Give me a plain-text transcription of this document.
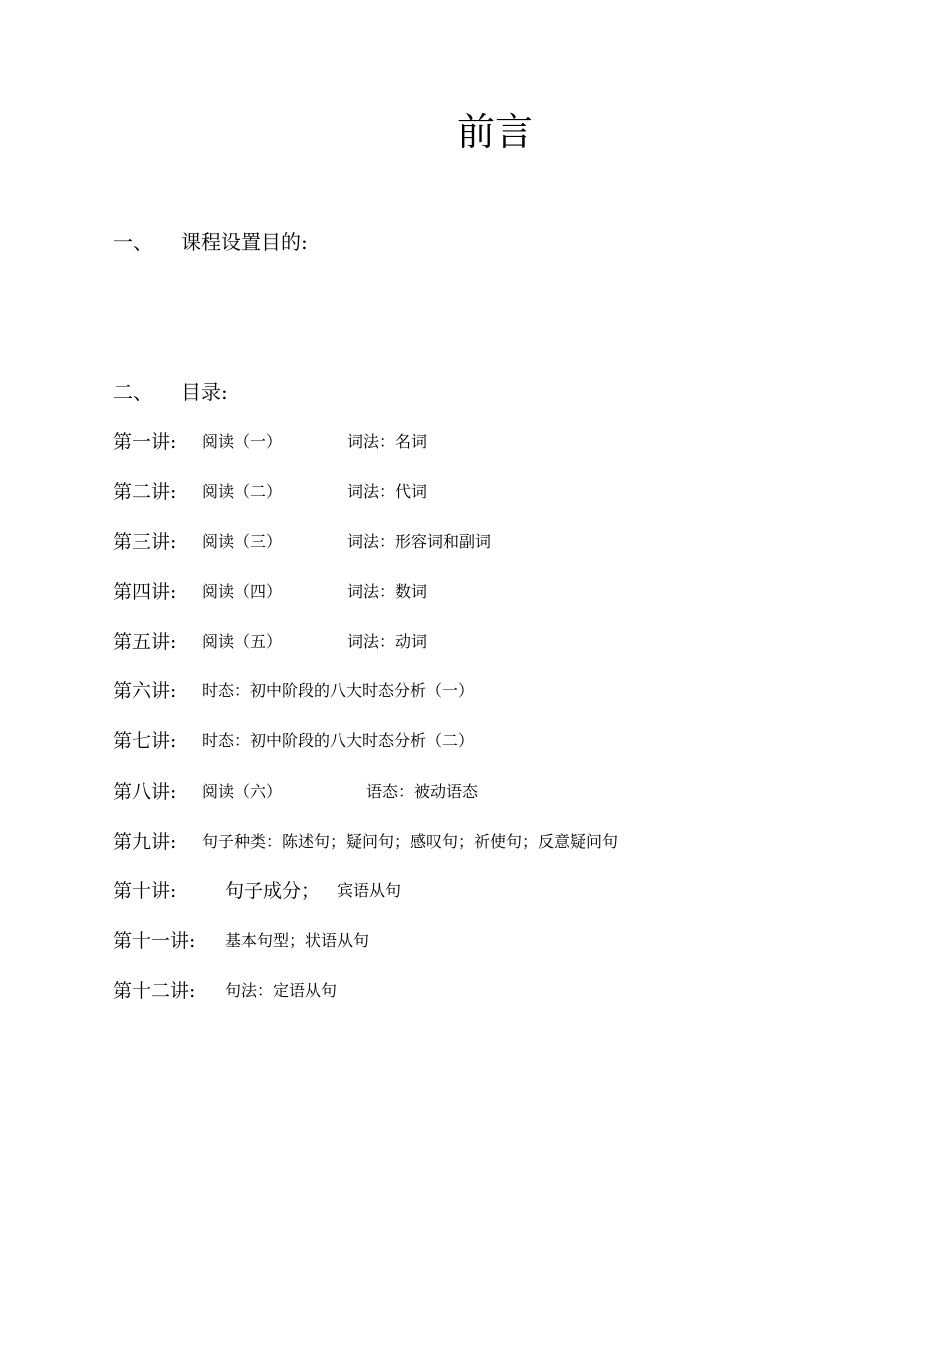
前言
一、 课程设置目的:
二、 目录:
第一讲: 阅读（一）	词法：名词
第二讲: 阅读（二）	词法：代词
第三讲: 阅读（三）	词法：形容词和副词
第四讲: 阅读（四）	词法：数词
第五讲: 阅读（五）	词法：动词
第六讲: 时态：初中阶段的八大时态分析（一）
第七讲: 时态：初中阶段的八大时态分析（二）
第八讲: 阅读（六）	语态：被动语态
第九讲: 句子种类：陈述句；疑问句；感叹句；祈使句；反意疑问句
第十讲:	句子成分； 宾语从句
第十一讲: 基本句型；状语从句
第十二讲: 句法：定语从句
